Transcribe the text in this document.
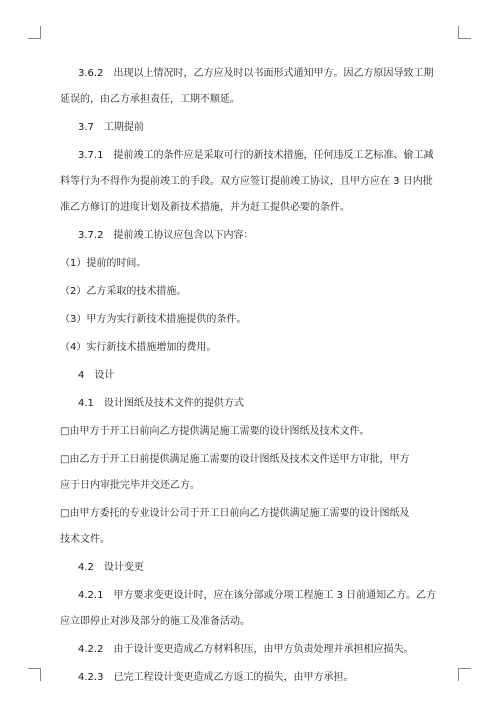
3.6.2　出现以上情况时，乙方应及时以书面形式通知甲方。因乙方原因导致工期
延误的，由乙方承担责任，工期不顺延。
3.7　工期提前
3.7.1　提前竣工的条件应是采取可行的新技术措施，任何违反工艺标准、偷工减
料等行为不得作为提前竣工的手段。双方应签订提前竣工协议，且甲方应在 3 日内批
准乙方修订的进度计划及新技术措施，并为赶工提供必要的条件。
3.7.2　提前竣工协议应包含以下内容：
（1）提前的时间。
（2）乙方采取的技术措施。
（3）甲方为实行新技术措施提供的条件。
（4）实行新技术措施增加的费用。
4　设计
4.1　设计图纸及技术文件的提供方式
□由甲方于开工日前向乙方提供满足施工需要的设计图纸及技术文件。
□由乙方于开工日前提供满足施工需要的设计图纸及技术文件送甲方审批，甲方
应于日内审批完毕并交还乙方。
□由甲方委托的专业设计公司于开工日前向乙方提供满足施工需要的设计图纸及
技术文件。
4.2　设计变更
4.2.1　甲方要求变更设计时，应在该分部或分项工程施工 3 日前通知乙方。乙方
应立即停止对涉及部分的施工及准备活动。
4.2.2　由于设计变更造成乙方材料积压，由甲方负责处理并承担相应损失。
4.2.3　已完工程设计变更造成乙方返工的损失，由甲方承担。
